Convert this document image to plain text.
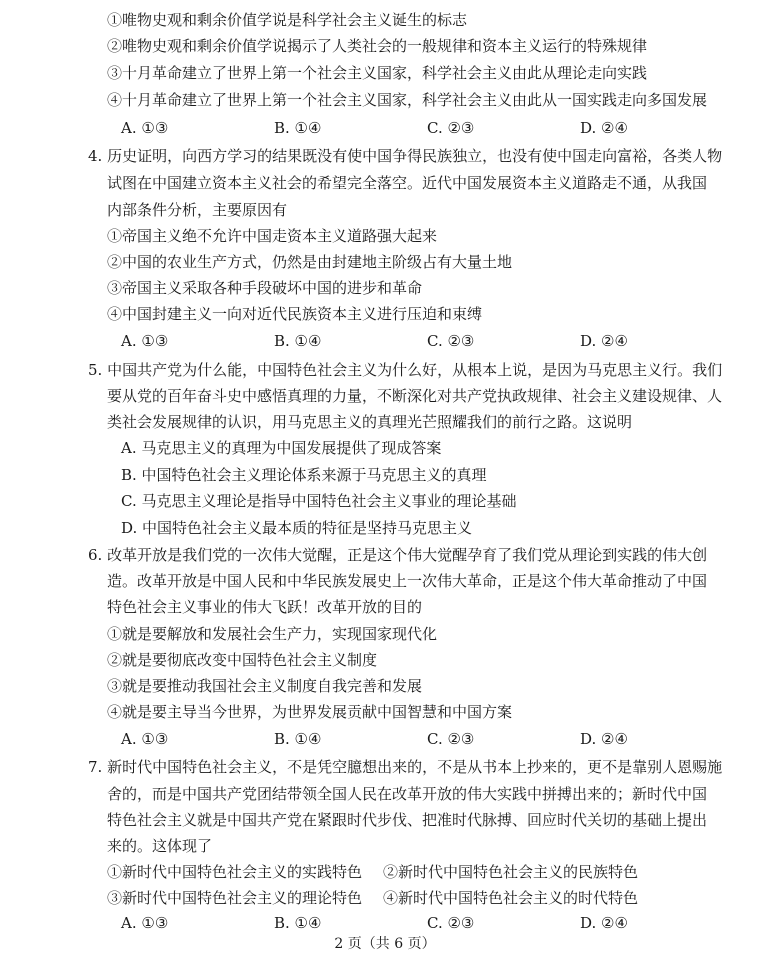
①唯物史观和剩余价值学说是科学社会主义诞生的标志
②唯物史观和剩余价值学说揭示了人类社会的一般规律和资本主义运行的特殊规律
③十月革命建立了世界上第一个社会主义国家，科学社会主义由此从理论走向实践
④十月革命建立了世界上第一个社会主义国家，科学社会主义由此从一国实践走向多国发展
A. ①③	B. ①④	C. ②③	D. ②④
4. 历史证明，向西方学习的结果既没有使中国争得民族独立，也没有使中国走向富裕，各类人物
试图在中国建立资本主义社会的希望完全落空。近代中国发展资本主义道路走不通，从我国
内部条件分析，主要原因有
①帝国主义绝不允许中国走资本主义道路强大起来
②中国的农业生产方式，仍然是由封建地主阶级占有大量土地
③帝国主义采取各种手段破坏中国的进步和革命
④中国封建主义一向对近代民族资本主义进行压迫和束缚
A. ①③	B. ①④	C. ②③	D. ②④
5. 中国共产党为什么能，中国特色社会主义为什么好，从根本上说，是因为马克思主义行。我们
要从党的百年奋斗史中感悟真理的力量，不断深化对共产党执政规律、社会主义建设规律、人
类社会发展规律的认识，用马克思主义的真理光芒照耀我们的前行之路。这说明
A. 马克思主义的真理为中国发展提供了现成答案
B. 中国特色社会主义理论体系来源于马克思主义的真理
C. 马克思主义理论是指导中国特色社会主义事业的理论基础
D. 中国特色社会主义最本质的特征是坚持马克思主义
6. 改革开放是我们党的一次伟大觉醒，正是这个伟大觉醒孕育了我们党从理论到实践的伟大创
造。改革开放是中国人民和中华民族发展史上一次伟大革命，正是这个伟大革命推动了中国
特色社会主义事业的伟大飞跃！改革开放的目的
①就是要解放和发展社会生产力，实现国家现代化
②就是要彻底改变中国特色社会主义制度
③就是要推动我国社会主义制度自我完善和发展
④就是要主导当今世界，为世界发展贡献中国智慧和中国方案
A. ①③	B. ①④	C. ②③	D. ②④
7. 新时代中国特色社会主义，不是凭空臆想出来的，不是从书本上抄来的，更不是靠别人恩赐施
舍的，而是中国共产党团结带领全国人民在改革开放的伟大实践中拼搏出来的；新时代中国
特色社会主义就是中国共产党在紧跟时代步伐、把准时代脉搏、回应时代关切的基础上提出
来的。这体现了
①新时代中国特色社会主义的实践特色 ②新时代中国特色社会主义的民族特色
③新时代中国特色社会主义的理论特色 ④新时代中国特色社会主义的时代特色
A. ①③	B. ①④	C. ②③	D. ②④
2 页（共 6 页）
